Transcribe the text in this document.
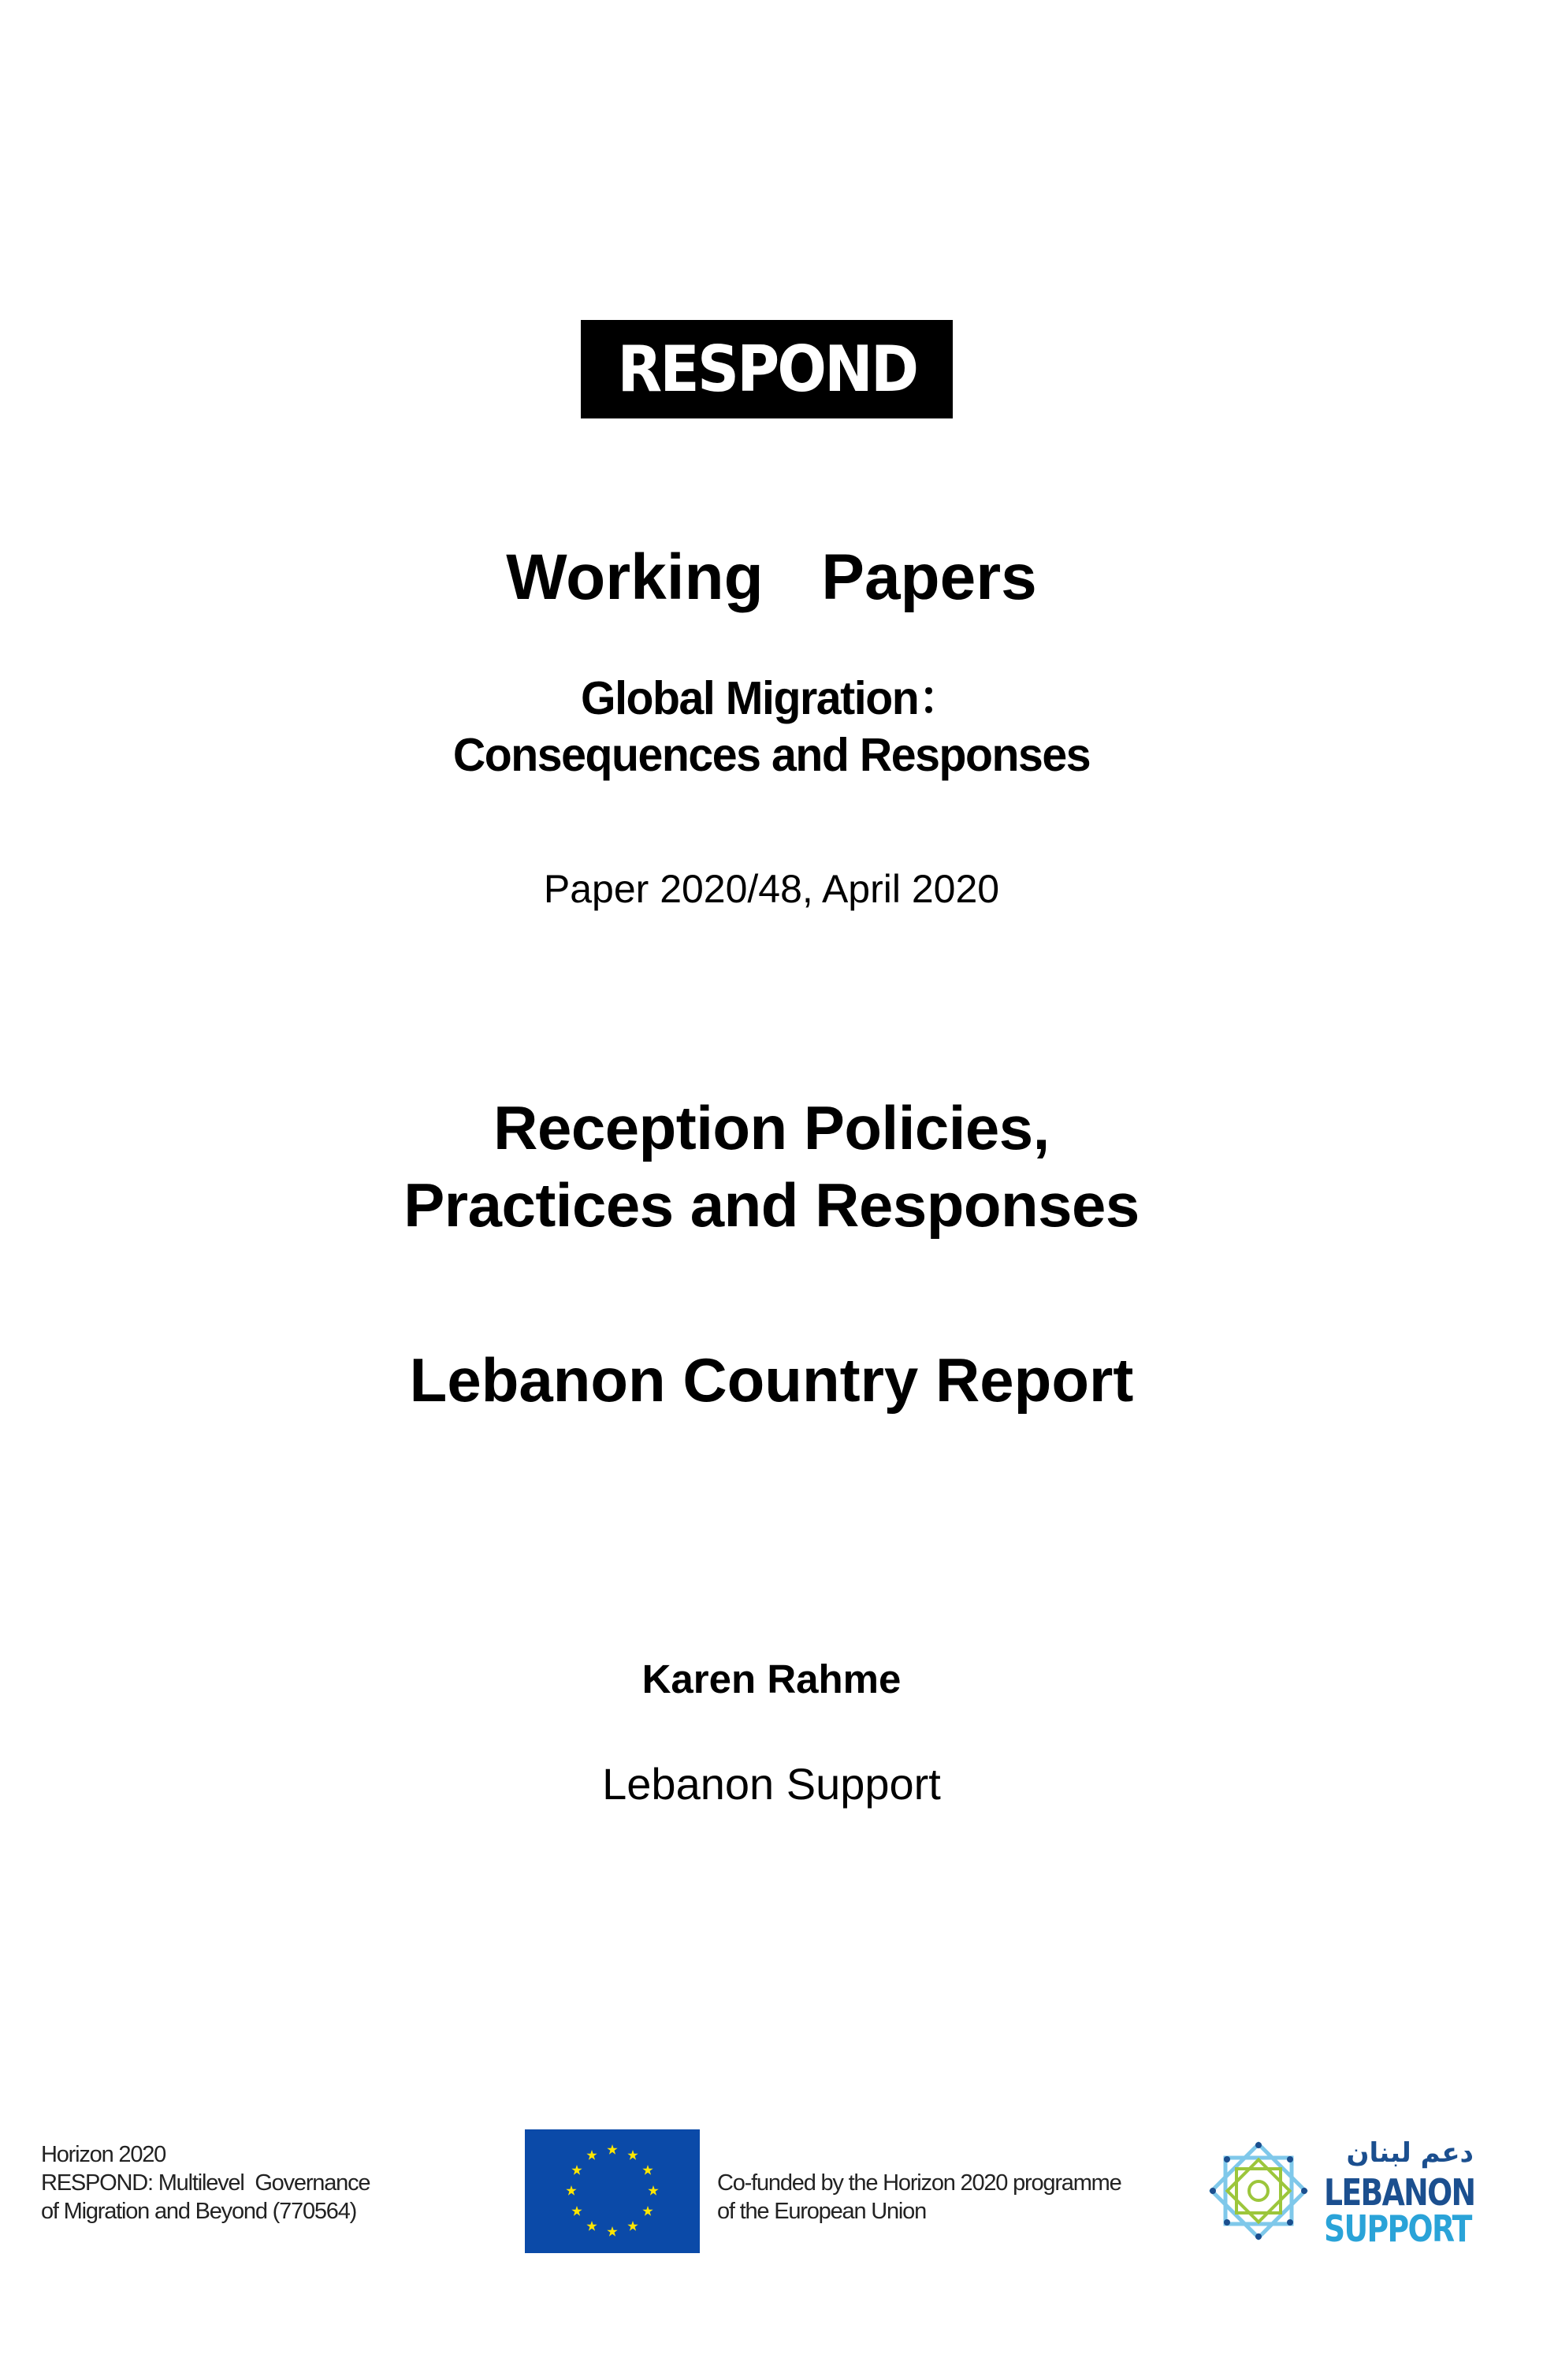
RESPOND
Working  Papers
Global Migration：
Consequences and Responses
Paper 2020/48, April 2020
Reception Policies,
Practices and Responses
Lebanon Country Report
Karen Rahme
Lebanon Support
Horizon 2020
RESPOND: Multilevel  Governance
of Migration and Beyond (770564)
Co-funded by the Horizon 2020 programme
of the European Union
دعم لبنان
LEBANON
SUPPORT
